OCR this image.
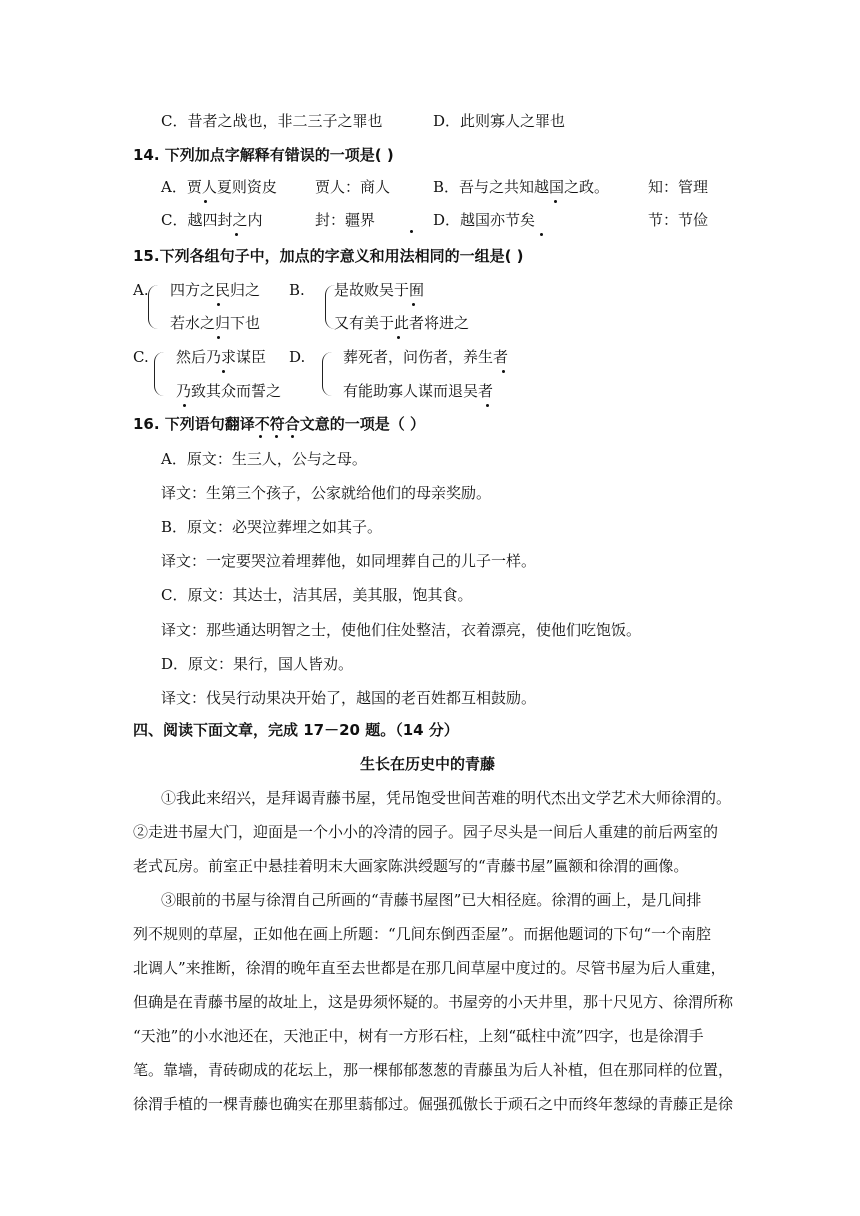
C．昔者之战也，非二三子之罪也	D．此则寡人之罪也
14. 下列加点字解释有错误的一项是( )
A．贾人夏则资皮	贾人：商人	B．吾与之共知越国之政。	知：管理
C．越四封之内	封：疆界	D．越国亦节矣	节：节俭
15.下列各组句子中，加点的字意义和用法相同的一组是( )
A. 四方之民归之
若水之归下也
B. 是故败吴于囿
又有美于此者将进之
C. 然后乃求谋臣
乃致其众而誓之
D.	葬死者，问伤者，养生者
有能助寡人谋而退吴者
16. 下列语句翻译不符合文意的一项是（ ）
A．原文：生三人，公与之母。
译文：生第三个孩子，公家就给他们的母亲奖励。
B．原文：必哭泣葬埋之如其子。
译文：一定要哭泣着埋葬他，如同埋葬自己的儿子一样。
C．原文：其达士，洁其居，美其服，饱其食。
译文：那些通达明智之士，使他们住处整洁，衣着漂亮，使他们吃饱饭。
D．原文：果行，国人皆劝。
译文：伐吴行动果决开始了，越国的老百姓都互相鼓励。
四、阅读下面文章，完成 17－20 题。（14 分）
生长在历史中的青藤
①我此来绍兴，是拜谒青藤书屋，凭吊饱受世间苦难的明代杰出文学艺术大师徐渭的。
②走进书屋大门，迎面是一个小小的冷清的园子。园子尽头是一间后人重建的前后两室的
老式瓦房。前室正中悬挂着明末大画家陈洪绶题写的“青藤书屋”匾额和徐渭的画像。
③眼前的书屋与徐渭自己所画的“青藤书屋图”已大相径庭。徐渭的画上，是几间排
列不规则的草屋，正如他在画上所题：“几间东倒西歪屋”。而据他题词的下句“一个南腔
北调人”来推断，徐渭的晚年直至去世都是在那几间草屋中度过的。尽管书屋为后人重建，
但确是在青藤书屋的故址上，这是毋须怀疑的。书屋旁的小天井里，那十尺见方、徐渭所称
“天池”的小水池还在，天池正中，树有一方形石柱，上刻“砥柱中流”四字，也是徐渭手
笔。靠墙，青砖砌成的花坛上，那一棵郁郁葱葱的青藤虽为后人补植，但在那同样的位置，
徐渭手植的一棵青藤也确实在那里蓊郁过。倔强孤傲长于顽石之中而终年葱绿的青藤正是徐
